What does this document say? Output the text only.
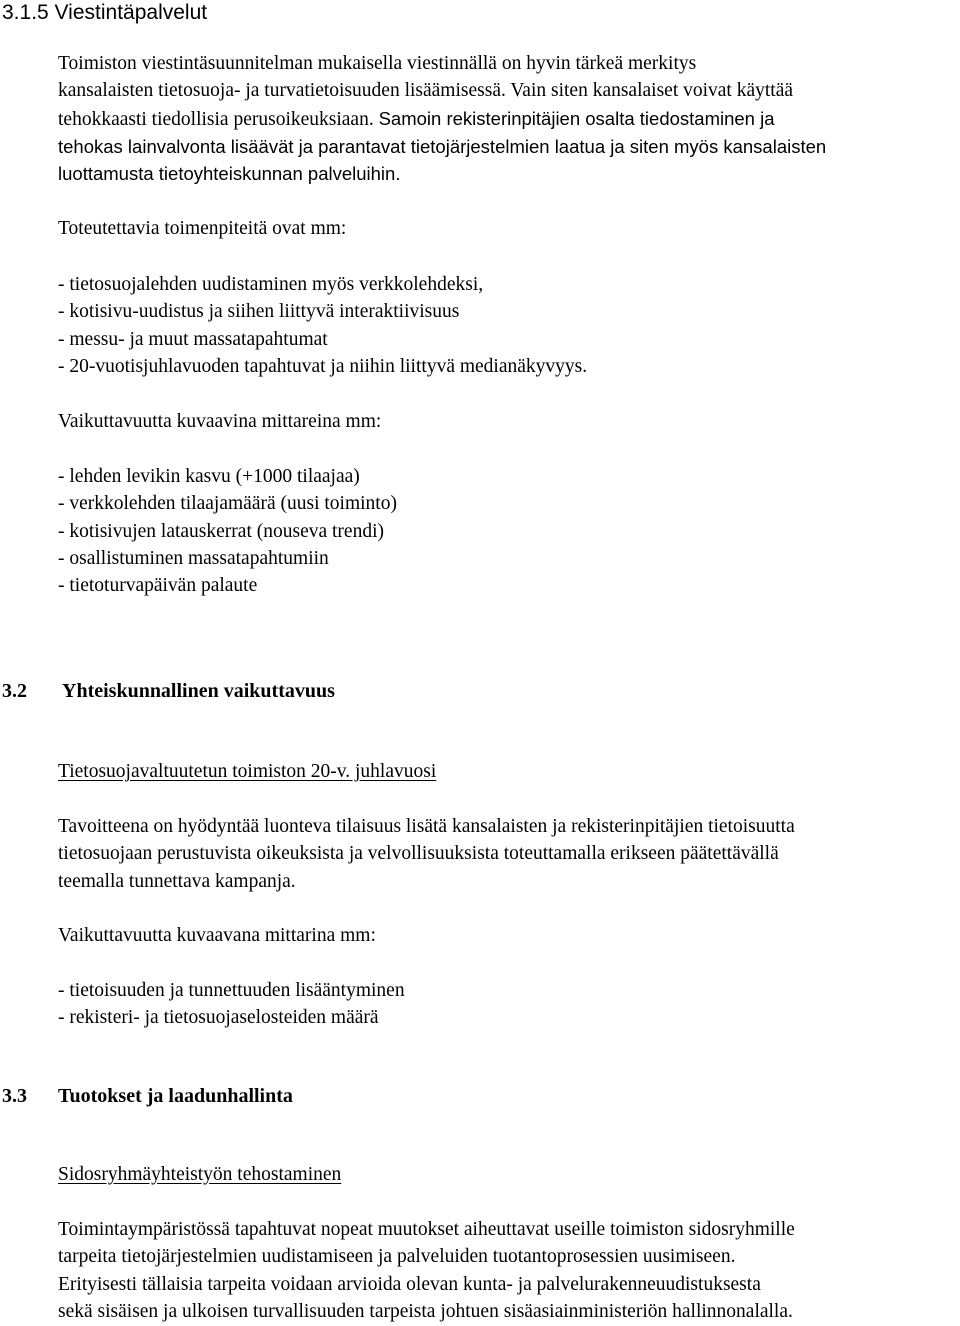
3.1.5 Viestintäpalvelut
Toimiston viestintäsuunnitelman mukaisella viestinnällä on hyvin tärkeä merkitys
kansalaisten tietosuoja- ja turvatietoisuuden lisäämisessä. Vain siten kansalaiset voivat käyttää
tehokkaasti tiedollisia perusoikeuksiaan. Samoin rekisterinpitäjien osalta tiedostaminen ja
tehokas lainvalvonta lisäävät ja parantavat tietojärjestelmien laatua ja siten myös kansalaisten
luottamusta tietoyhteiskunnan palveluihin.
Toteutettavia toimenpiteitä ovat mm:
- tietosuojalehden uudistaminen myös verkkolehdeksi,
- kotisivu-uudistus ja siihen liittyvä interaktiivisuus
- messu- ja muut massatapahtumat
- 20-vuotisjuhlavuoden tapahtuvat ja niihin liittyvä medianäkyvyys.
Vaikuttavuutta kuvaavina mittareina mm:
- lehden levikin kasvu (+1000 tilaajaa)
- verkkolehden tilaajamäärä (uusi toiminto)
- kotisivujen latauskerrat (nouseva trendi)
- osallistuminen massatapahtumiin
- tietoturvapäivän palaute
3.2 Yhteiskunnallinen vaikuttavuus
Tietosuojavaltuutetun toimiston 20-v. juhlavuosi
Tavoitteena on hyödyntää luonteva tilaisuus lisätä kansalaisten ja rekisterinpitäjien tietoisuutta
tietosuojaan perustuvista oikeuksista ja velvollisuuksista toteuttamalla erikseen päätettävällä
teemalla tunnettava kampanja.
Vaikuttavuutta kuvaavana mittarina mm:
- tietoisuuden ja tunnettuuden lisääntyminen
- rekisteri- ja tietosuojaselosteiden määrä
3.3 Tuotokset ja laadunhallinta
Sidosryhmäyhteistyön tehostaminen
Toimintaympäristössä tapahtuvat nopeat muutokset aiheuttavat useille toimiston sidosryhmille
tarpeita tietojärjestelmien uudistamiseen ja palveluiden tuotantoprosessien uusimiseen.
Erityisesti tällaisia tarpeita voidaan arvioida olevan kunta- ja palvelurakenneuudistuksesta
sekä sisäisen ja ulkoisen turvallisuuden tarpeista johtuen sisäasiainministeriön hallinnonalalla.
